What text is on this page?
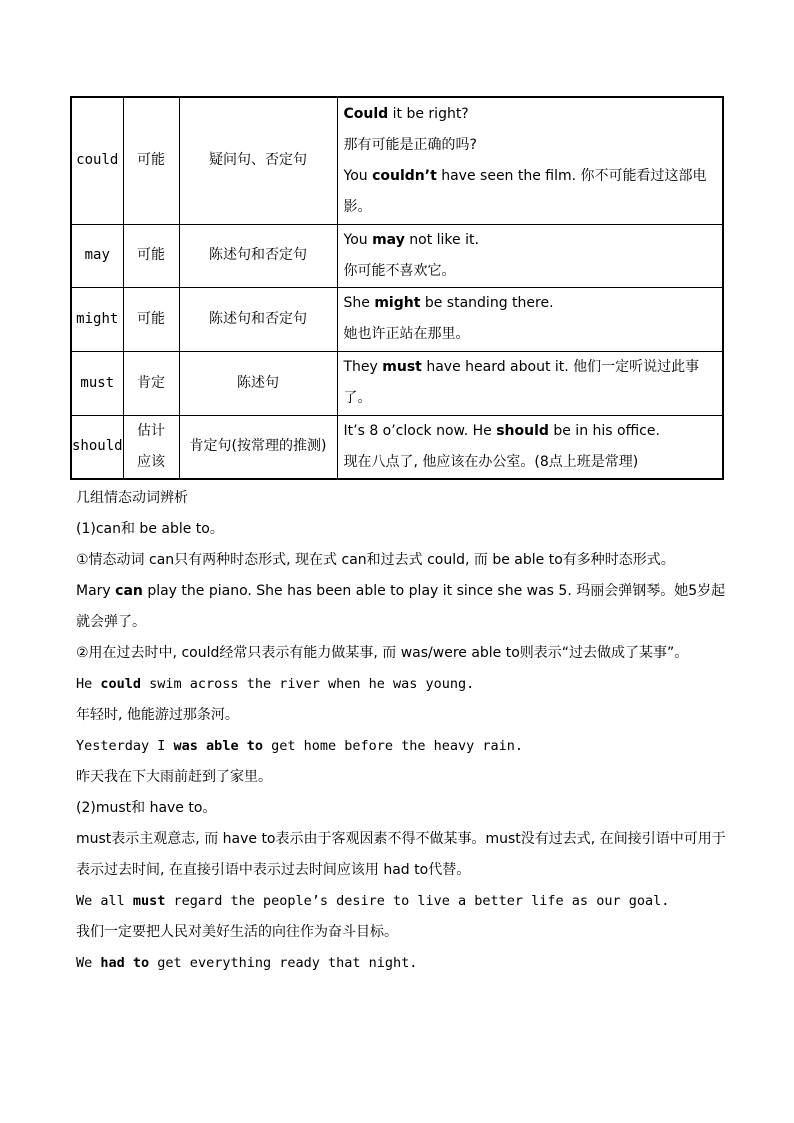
could	可能	疑问句、否定句	Could it be right?
那有可能是正确的吗?
You couldn’t have seen the film. 你不可能看过这部电影。

may	可能	陈述句和否定句	You may not like it.
你可能不喜欢它。

might	可能	陈述句和否定句	She might be standing there.
她也许正站在那里。

must	肯定	陈述句	They must have heard about it. 他们一定听说过此事了。

should	估计应该	肯定句(按常理的推测)	It’s 8 o’clock now. He should be in his office.
现在八点了, 他应该在办公室。(8点上班是常理)

几组情态动词辨析

(1)can和 be able to。

①情态动词 can只有两种时态形式, 现在式 can和过去式 could, 而 be able to有多种时态形式。

Mary can play the piano. She has been able to play it since she was 5. 玛丽会弹钢琴。她5岁起就会弹了。

②用在过去时中, could经常只表示有能力做某事, 而 was/were able to则表示“过去做成了某事”。

He could swim across the river when he was young.

年轻时, 他能游过那条河。

Yesterday I was able to get home before the heavy rain.

昨天我在下大雨前赶到了家里。

(2)must和 have to。

must表示主观意志, 而 have to表示由于客观因素不得不做某事。must没有过去式, 在间接引语中可用于表示过去时间, 在直接引语中表示过去时间应该用 had to代替。

We all must regard the people’s desire to live a better life as our goal.

我们一定要把人民对美好生活的向往作为奋斗目标。

We had to get everything ready that night.
